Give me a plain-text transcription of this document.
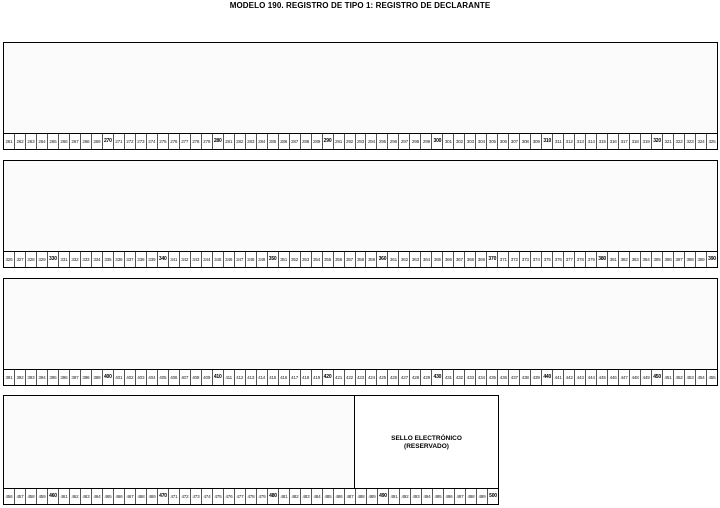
MODELO 190. REGISTRO DE TIPO 1: REGISTRO DE DECLARANTE
261 262 263 264 265 266 267 268 269 270 271 272 273 274 275 276 277 278 279 280 281 282 283 284 285 286 287 288 289 290 291 292 293 294 295 296 297 298 299 300 301 302 303 304 305 306 307 308 309 310 311 312 313 314 315 316 317 318 319 320 321 322 323 324 325
326 327 328 329 330 331 332 333 334 335 336 337 338 339 340 341 342 343 344 345 346 347 348 349 350 351 352 353 354 355 356 357 358 359 360 361 362 363 364 365 366 367 368 369 370 371 372 373 374 375 376 377 378 379 380 381 382 383 384 385 386 387 388 389 390
391 392 393 394 395 396 397 398 399 400 401 402 403 404 405 406 407 408 409 410 411 412 413 414 415 416 417 418 419 420 421 422 423 424 425 426 427 428 429 430 431 432 433 434 435 436 437 438 439 440 441 442 443 444 445 446 447 448 449 450 451 452 453 454 455
SELLO ELECTRÓNICO
(RESERVADO)
456 457 458 459 460 461 462 463 464 465 466 467 468 469 470 471 472 473 474 475 476 477 478 479 480 481 482 483 484 485 486 487 488 489 490 491 492 493 494 495 496 497 498 499 500
